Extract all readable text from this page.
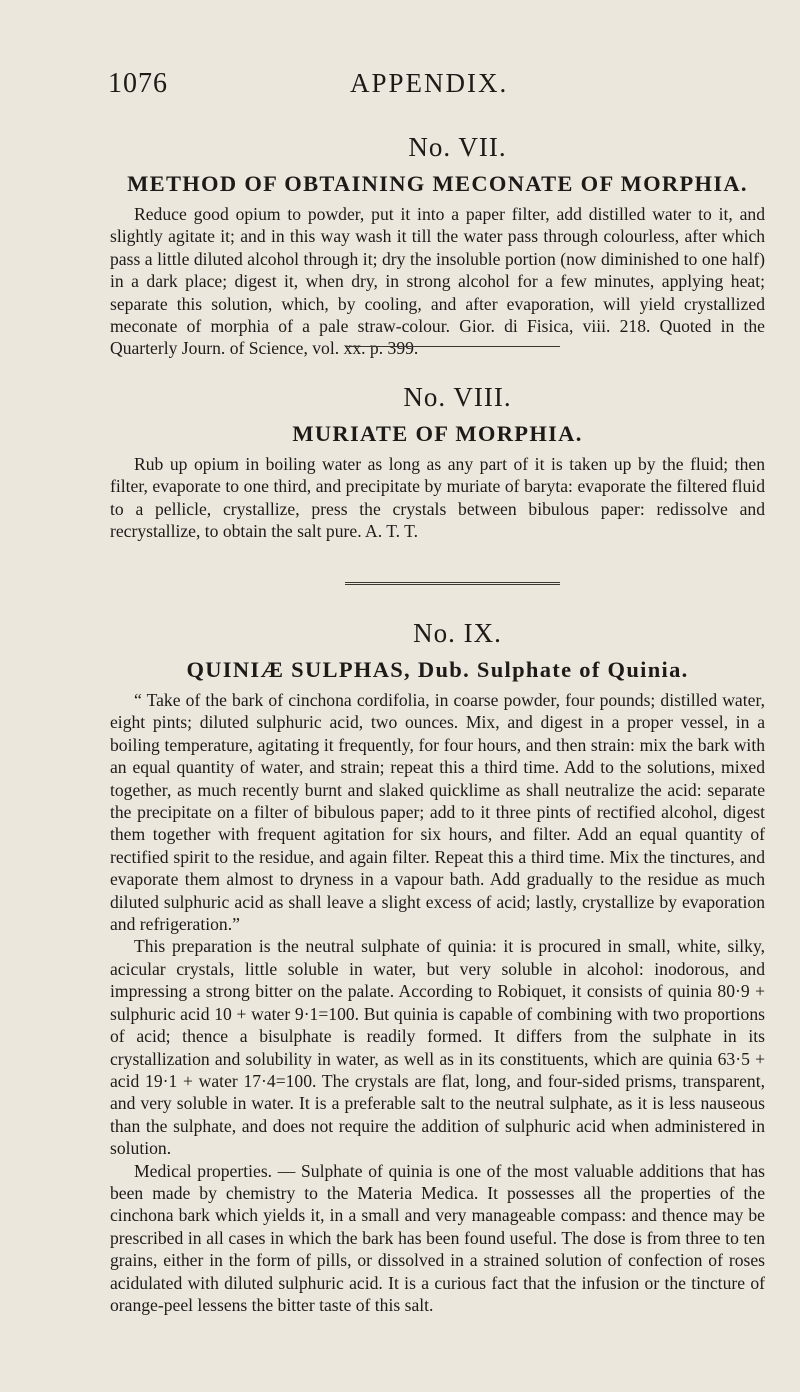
1076	APPENDIX.

No. VII.

METHOD OF OBTAINING MECONATE OF MORPHIA.

Reduce good opium to powder, put it into a paper filter, add distilled water to it, and slightly agitate it; and in this way wash it till the water pass through colourless, after which pass a little diluted alcohol through it; dry the insoluble portion (now diminished to one half) in a dark place; digest it, when dry, in strong alcohol for a few minutes, applying heat; separate this solution, which, by cooling, and after evaporation, will yield crystallized meconate of morphia of a pale straw-colour. Gior. di Fisica, viii. 218. Quoted in the Quarterly Journ. of Science, vol. xx. p. 399.

No. VIII.

MURIATE OF MORPHIA.

Rub up opium in boiling water as long as any part of it is taken up by the fluid; then filter, evaporate to one third, and precipitate by muriate of baryta: evaporate the filtered fluid to a pellicle, crystallize, press the crystals between bibulous paper: redissolve and recrystallize, to obtain the salt pure. A. T. T.

No. IX.

QUINIÆ SULPHAS, Dub. Sulphate of Quinia.

“ Take of the bark of cinchona cordifolia, in coarse powder, four pounds; distilled water, eight pints; diluted sulphuric acid, two ounces. Mix, and digest in a proper vessel, in a boiling temperature, agitating it frequently, for four hours, and then strain: mix the bark with an equal quantity of water, and strain; repeat this a third time. Add to the solutions, mixed together, as much recently burnt and slaked quicklime as shall neutralize the acid: separate the precipitate on a filter of bibulous paper; add to it three pints of rectified alcohol, digest them together with frequent agitation for six hours, and filter. Add an equal quantity of rectified spirit to the residue, and again filter. Repeat this a third time. Mix the tinctures, and evaporate them almost to dryness in a vapour bath. Add gradually to the residue as much diluted sulphuric acid as shall leave a slight excess of acid; lastly, crystallize by evaporation and refrigeration.”

This preparation is the neutral sulphate of quinia: it is procured in small, white, silky, acicular crystals, little soluble in water, but very soluble in alcohol: inodorous, and impressing a strong bitter on the palate. According to Robiquet, it consists of quinia 80·9 + sulphuric acid 10 + water 9·1=100. But quinia is capable of combining with two proportions of acid; thence a bisulphate is readily formed. It differs from the sulphate in its crystallization and solubility in water, as well as in its constituents, which are quinia 63·5 + acid 19·1 + water 17·4=100. The crystals are flat, long, and four-sided prisms, transparent, and very soluble in water. It is a preferable salt to the neutral sulphate, as it is less nauseous than the sulphate, and does not require the addition of sulphuric acid when administered in solution.

Medical properties. — Sulphate of quinia is one of the most valuable additions that has been made by chemistry to the Materia Medica. It possesses all the properties of the cinchona bark which yields it, in a small and very manageable compass: and thence may be prescribed in all cases in which the bark has been found useful. The dose is from three to ten grains, either in the form of pills, or dissolved in a strained solution of confection of roses acidulated with diluted sulphuric acid. It is a curious fact that the infusion or the tincture of orange-peel lessens the bitter taste of this salt.
